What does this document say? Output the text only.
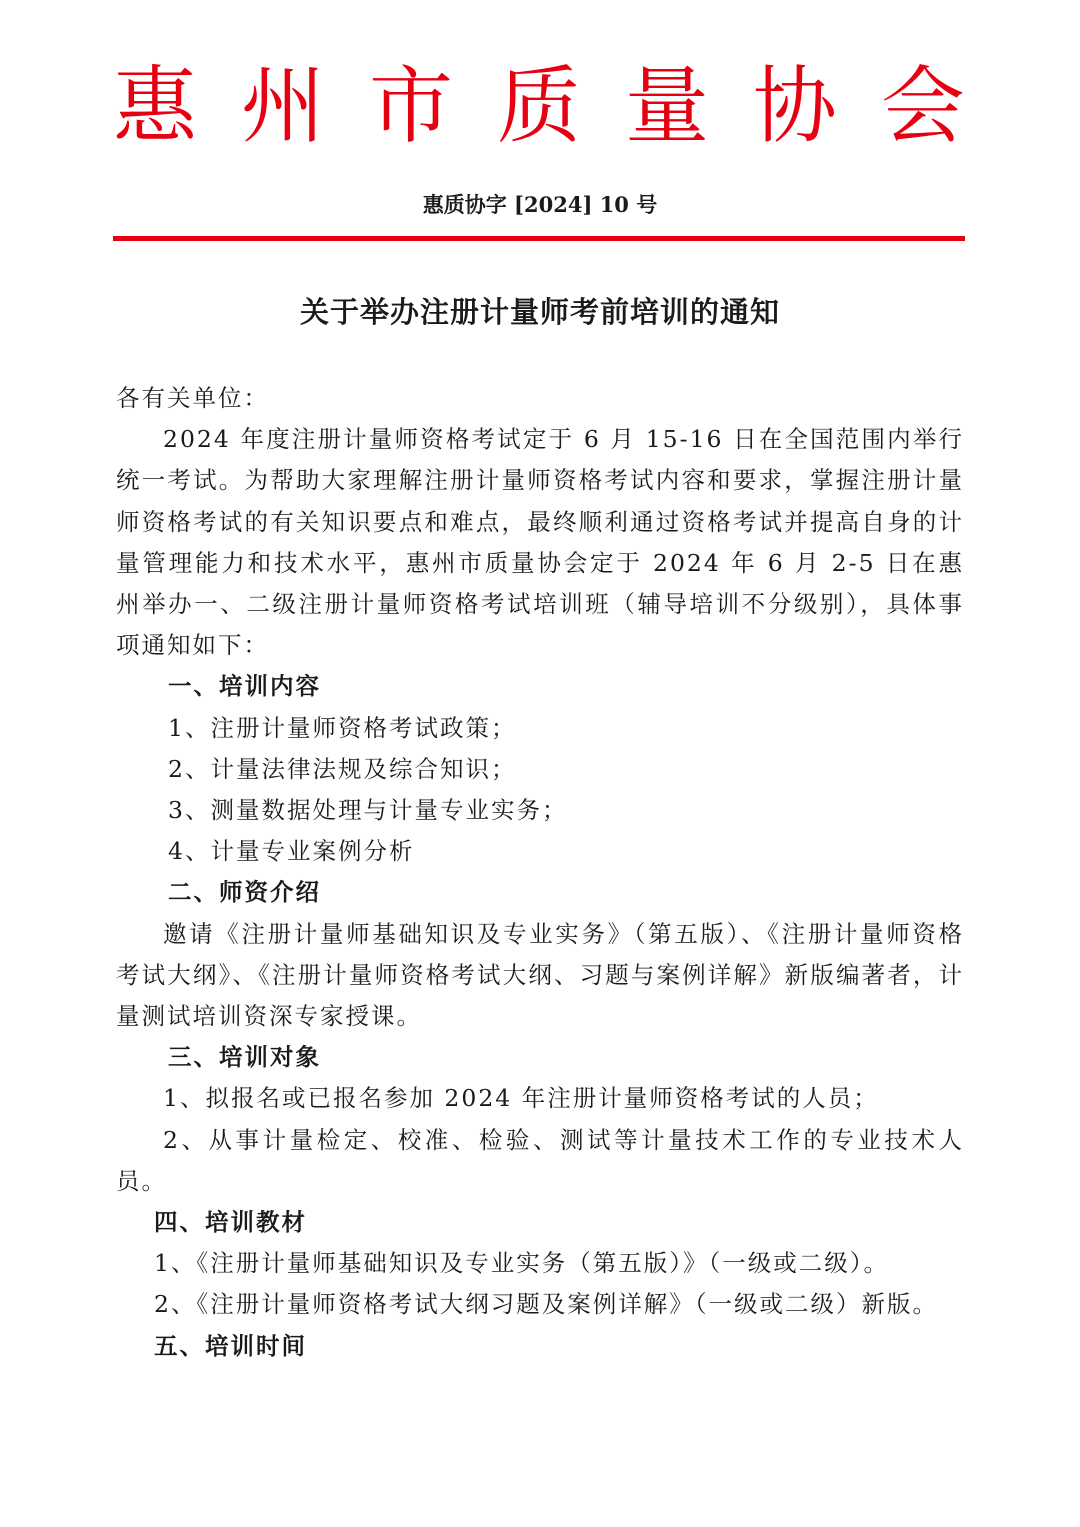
惠 州 市 质 量 协 会
惠质协字 [2024] 10 号
关于举办注册计量师考前培训的通知

各有关单位：

2024 年度注册计量师资格考试定于 6 月 15-16 日在全国范围内举行统一考试。为帮助大家理解注册计量师资格考试内容和要求，掌握注册计量师资格考试的有关知识要点和难点，最终顺利通过资格考试并提高自身的计量管理能力和技术水平，惠州市质量协会定于 2024 年 6 月 2-5 日在惠州举办一、二级注册计量师资格考试培训班（辅导培训不分级别），具体事项通知如下：

一、培训内容

1、注册计量师资格考试政策；

2、计量法律法规及综合知识；

3、测量数据处理与计量专业实务；

4、计量专业案例分析

二、师资介绍

邀请《注册计量师基础知识及专业实务》（第五版）、《注册计量师资格考试大纲》、《注册计量师资格考试大纲、习题与案例详解》新版编著者，计量测试培训资深专家授课。

三、培训对象

1、拟报名或已报名参加 2024 年注册计量师资格考试的人员；

2、从事计量检定、校准、检验、测试等计量技术工作的专业技术人员。

四、培训教材

1、《注册计量师基础知识及专业实务（第五版）》（一级或二级）。

2、《注册计量师资格考试大纲习题及案例详解》（一级或二级）新版。

五、培训时间
